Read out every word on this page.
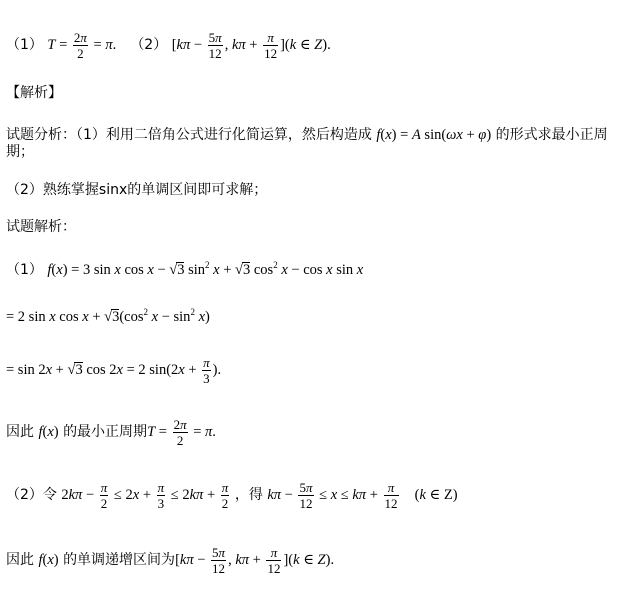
（1） $T = \frac{2\pi}{2} = \pi$.  （2） [$k\pi - \frac{5\pi}{12}$ , $k\pi + \frac{\pi}{12} ](k$ ∈ Z).
【解析】
试题分析：（1）利用二倍角公式进行化简运算，然后构造成 f(x) = A sin(ωx + φ) 的形式求最小正周
期；
（2）熟练掌握sinx的单调区间即可求解；
试题解析：
（1） f(x) = 3 sin x cos x − √3 $\sin^2 x + √3$ $\cos^2 x - \cos x$ sin x
= 2 sin x $\cos x + √3(\cos^2$ $x - \sin^2 x$)
= sin 2x + √3 cos 2x = 2 $\sin(2x + \frac{\pi}{3}$ ).
因此 f(x) 的最小正周期$T = \frac{2\pi}{2} = \pi$.
（2）令 $2k\pi - \frac{\pi}{2} \le 2x + \frac{\pi}{3} \le 2k\pi + \frac{\pi}{2}$ ，得 $k\pi - \frac{5\pi}{12} \le x \le k\pi + \frac{\pi}{12} (k$ ∈ Z)
因此 f(x) 的单调递增区间为[$k\pi - \frac{5\pi}{12}$ , $k\pi + \frac{\pi}{12} ](k$ ∈ Z).
